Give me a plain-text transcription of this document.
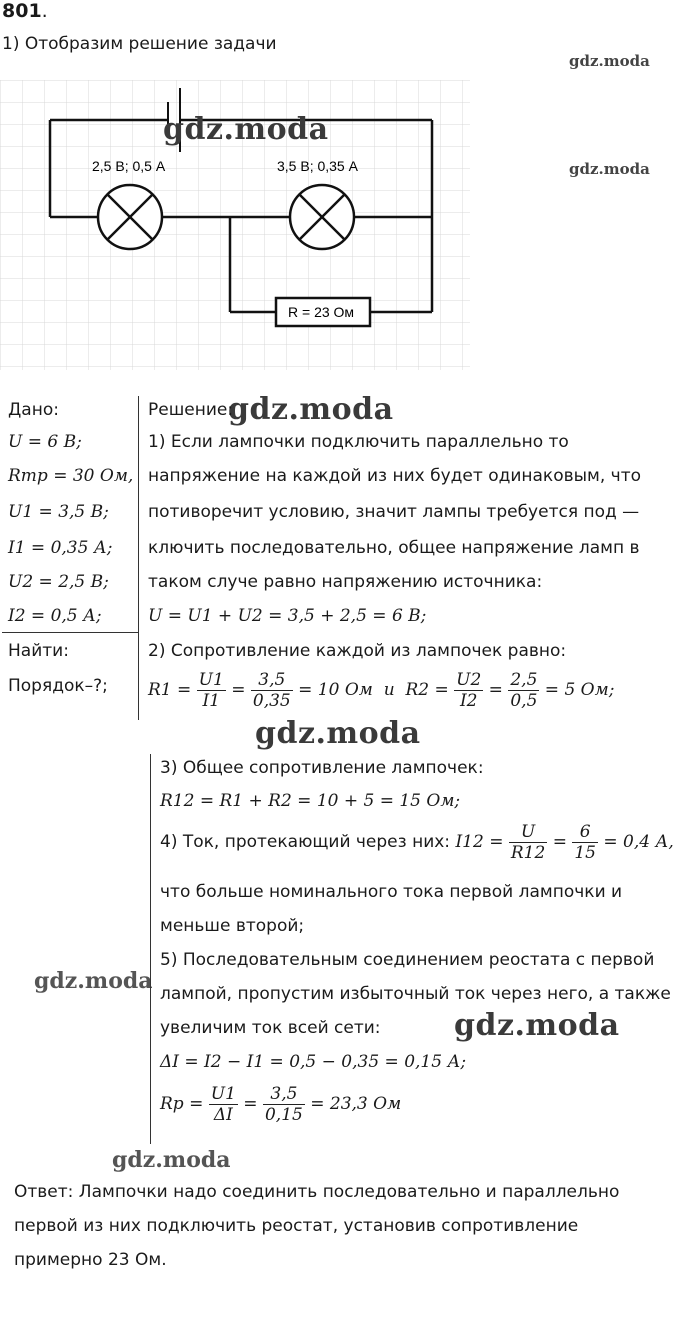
801.
1) Отобразим решение задачи
2,5 В; 0,5 А	3,5 В; 0,35 А
R = 23 Ом
gdz.moda
gdz.moda
gdz.moda
gdz.moda
gdz.moda
gdz.moda
gdz.moda
gdz.moda
Дано:
U = 6 В;
Rтр = 30 Ом,
U1 = 3,5 В;
I1 = 0,35 А;
U2 = 2,5 В;
I2 = 0,5 А;
Найти:
Порядок–?;
Решение:
1) Если лампочки подключить параллельно то
напряжение на каждой из них будет одинаковым, что
потиворечит условию, значит лампы требуется под —
ключить последовательно, общее напряжение ламп в
таком случе равно напряжению источника:
U = U1 + U2 = 3,5 + 2,5 = 6 В;
2) Сопротивление каждой из лампочек равно:
$R1 = \frac{U1}{I1} = \frac{3,5}{0,35} = 10$ Ом и $R2 = \frac{U2}{I2} = \frac{2,5}{0,5} = 5$ Ом;
3) Общее сопротивление лампочек:
R12 = R1 + R2 = 10 + 5 = 15 Ом;
4) Ток, протекающий через них: $I12 = \frac{U}{R12} = \frac{6}{15} = 0,4$ А,
что больше номинального тока первой лампочки и
меньше второй;
5) Последовательным соединением реостата с первой
лампой, пропустим избыточный ток через него, а также
увеличим ток всей сети:
ΔI = I2 − I1 = 0,5 − 0,35 = 0,15 А;
Rр = $\frac{U1}{\Delta I} = \frac{3,5}{0,15} = 23,3$ Ом
Ответ: Лампочки надо соединить последовательно и параллельно
первой из них подключить реостат, установив сопротивление
примерно 23 Ом.
